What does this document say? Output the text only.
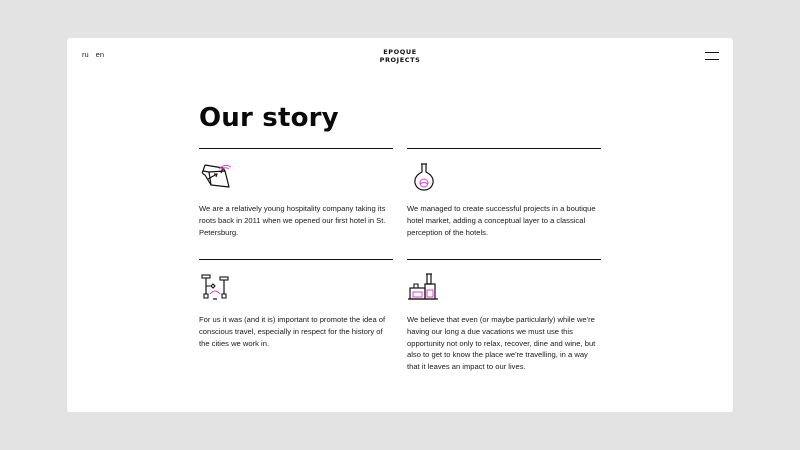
ru en	EPOQUE
PROJECTS
Our story

We are a relatively young hospitality company taking its roots back in 2011 when we opened our first hotel in St. Petersburg.

We managed to create successful projects in a boutique hotel market, adding a conceptual layer to a classical perception of the hotels.

For us it was (and it is) important to promote the idea of conscious travel, especially in respect for the history of the cities we work in.

We believe that even (or maybe particularly) while we're having our long a due vacations we must use this opportunity not only to relax, recover, dine and wine, but also to get to know the place we're travelling, in a way that it leaves an impact to our lives.
